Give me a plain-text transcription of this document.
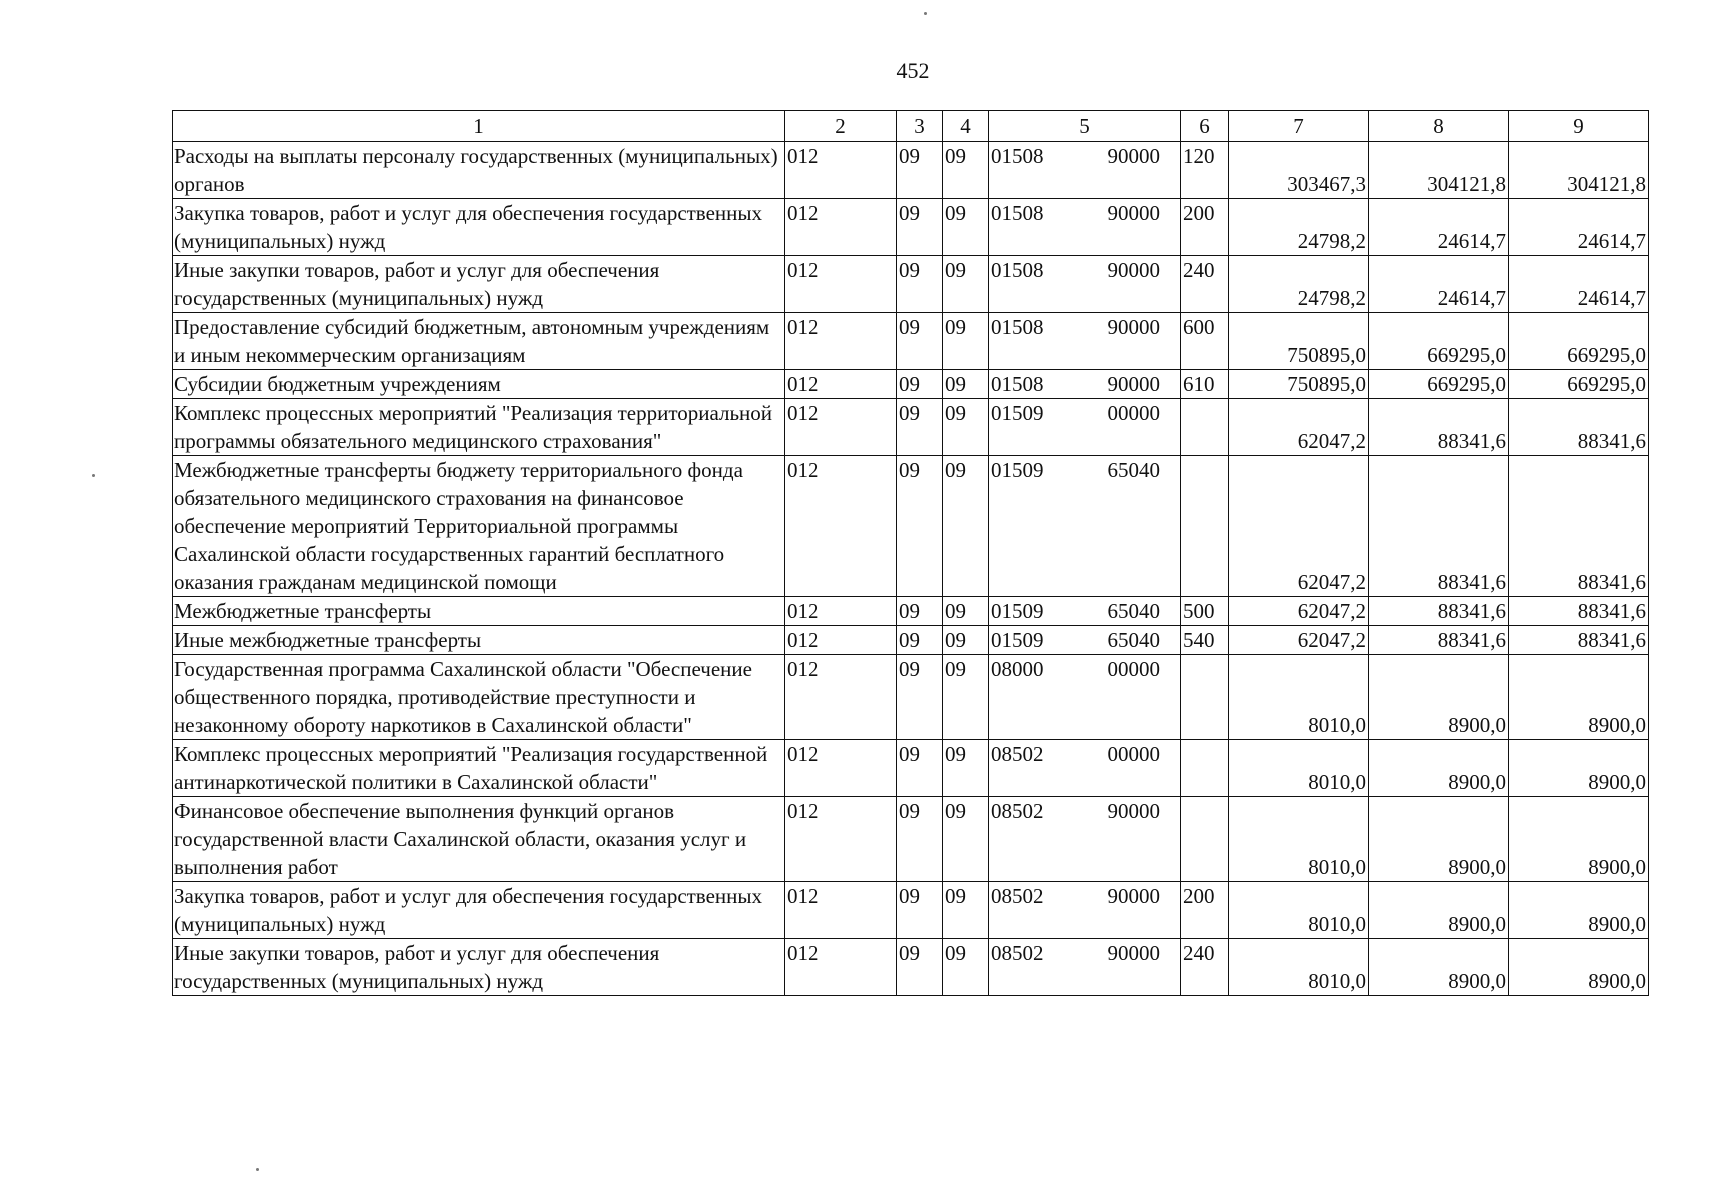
452
1	2	3	4	5	6	7	8	9
Расходы на выплаты персоналу государственных (муниципальных) органов	012	09	09	01508 90000	120	303467,3	304121,8	304121,8
Закупка товаров, работ и услуг для обеспечения государственных (муниципальных) нужд	012	09	09	01508 90000	200	24798,2	24614,7	24614,7
Иные закупки товаров, работ и услуг для обеспечения государственных (муниципальных) нужд	012	09	09	01508 90000	240	24798,2	24614,7	24614,7
Предоставление субсидий бюджетным, автономным учреждениям и иным некоммерческим организациям	012	09	09	01508 90000	600	750895,0	669295,0	669295,0
Субсидии бюджетным учреждениям	012	09	09	01508 90000	610	750895,0	669295,0	669295,0
Комплекс процессных мероприятий "Реализация территориальной программы обязательного медицинского страхования"	012	09	09	01509 00000		62047,2	88341,6	88341,6
Межбюджетные трансферты бюджету территориального фонда обязательного медицинского страхования на финансовое обеспечение мероприятий Территориальной программы Сахалинской области государственных гарантий бесплатного оказания гражданам медицинской помощи	012	09	09	01509 65040		62047,2	88341,6	88341,6
Межбюджетные трансферты	012	09	09	01509 65040	500	62047,2	88341,6	88341,6
Иные межбюджетные трансферты	012	09	09	01509 65040	540	62047,2	88341,6	88341,6
Государственная программа Сахалинской области "Обеспечение общественного порядка, противодействие преступности и незаконному обороту наркотиков в Сахалинской области"	012	09	09	08000 00000		8010,0	8900,0	8900,0
Комплекс процессных мероприятий "Реализация государственной антинаркотической политики в Сахалинской области"	012	09	09	08502 00000		8010,0	8900,0	8900,0
Финансовое обеспечение выполнения функций органов государственной власти Сахалинской области, оказания услуг и выполнения работ	012	09	09	08502 90000		8010,0	8900,0	8900,0
Закупка товаров, работ и услуг для обеспечения государственных (муниципальных) нужд	012	09	09	08502 90000	200	8010,0	8900,0	8900,0
Иные закупки товаров, работ и услуг для обеспечения государственных (муниципальных) нужд	012	09	09	08502 90000	240	8010,0	8900,0	8900,0
